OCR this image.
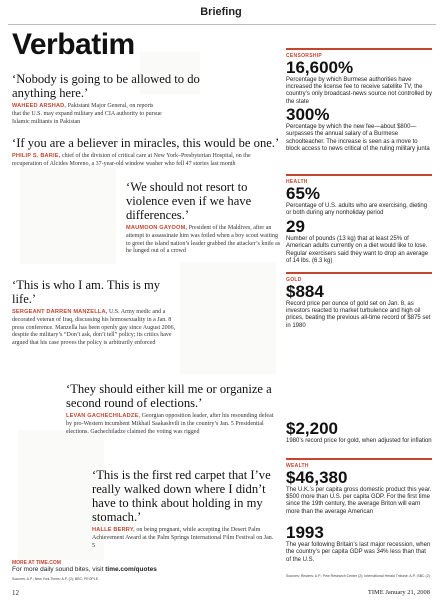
Briefing
Verbatim
‘Nobody is going to be allowed to do anything here.’
WAHEED ARSHAD, Pakistani Major General, on reports that the U.S. may expand military and CIA authority to pursue Islamic militants in Pakistan
‘If you are a believer in miracles, this would be one.’
PHILIP S. BARIE, chief of the division of critical care at New York–Presbyterian Hospital, on the recuperation of Alcides Moreno, a 37-year-old window washer who fell 47 stories last month
‘We should not resort to violence even if we have differences.’
MAUMOON GAYOOM, President of the Maldives, after an attempt to assassinate him was foiled when a boy scout waiting to greet the island nation’s leader grabbed the attacker’s knife as he lunged out of a crowd
‘This is who I am. This is my life.’
SERGEANT DARREN MANZELLA, U.S. Army medic and a decorated veteran of Iraq, discussing his homosexuality in a Jan. 8 press conference. Manzella has been openly gay since August 2006, despite the military’s “Don’t ask, don’t tell” policy; its critics have argued that his case proves the policy is arbitrarily enforced
‘They should either kill me or organize a second round of elections.’
LEVAN GACHECHILADZE, Georgian opposition leader, after his resounding defeat by pro-Western incumbent Mikhail Saakashvili in the country’s Jan. 5 Presidential elections. Gachechiladze claimed the voting was rigged
‘This is the first red carpet that I’ve really walked down where I didn’t have to think about holding in my stomach.’
HALLE BERRY, on being pregnant, while accepting the Desert Palm Achievement Award at the Palm Springs International Film Festival on Jan. 5
MORE AT TIME.COM
For more daily sound bites, visit time.com/quotes
Sources: A.P.; New York Times; A.P. (2); BBC; PEOPLE
12	TIME January 21, 2008
CENSORSHIP
16,600%
Percentage by which Burmese authorities have increased the license fee to receive satellite TV, the country’s only broadcast-news source not controlled by the state
300%
Percentage by which the new fee—about $800—surpasses the annual salary of a Burmese schoolteacher. The increase is seen as a move to block access to news critical of the ruling military junta
HEALTH
65%
Percentage of U.S. adults who are exercising, dieting or both during any nonholiday period
29
Number of pounds (13 kg) that at least 25% of American adults currently on a diet would like to lose. Regular exercisers said they want to drop an average of 14 lbs. (6.3 kg)
GOLD
$884
Record price per ounce of gold set on Jan. 8, as investors reacted to market turbulence and high oil prices, beating the previous all-time record of $875 set in 1980
$2,200
1980’s record price for gold, when adjusted for inflation
WEALTH
$46,380
The U.K.’s per capita gross domestic product this year. $500 more than U.S. per capita GDP. For the first time since the 19th century, the average Briton will earn more than the average American
1993
The year following Britain’s last major recession, when the country’s per capita GDP was 34% less than that of the U.S.
Sources: Reuters; A.P.; Pew Research Center (2); International Herald Tribune; A.P.; BBC (2)
